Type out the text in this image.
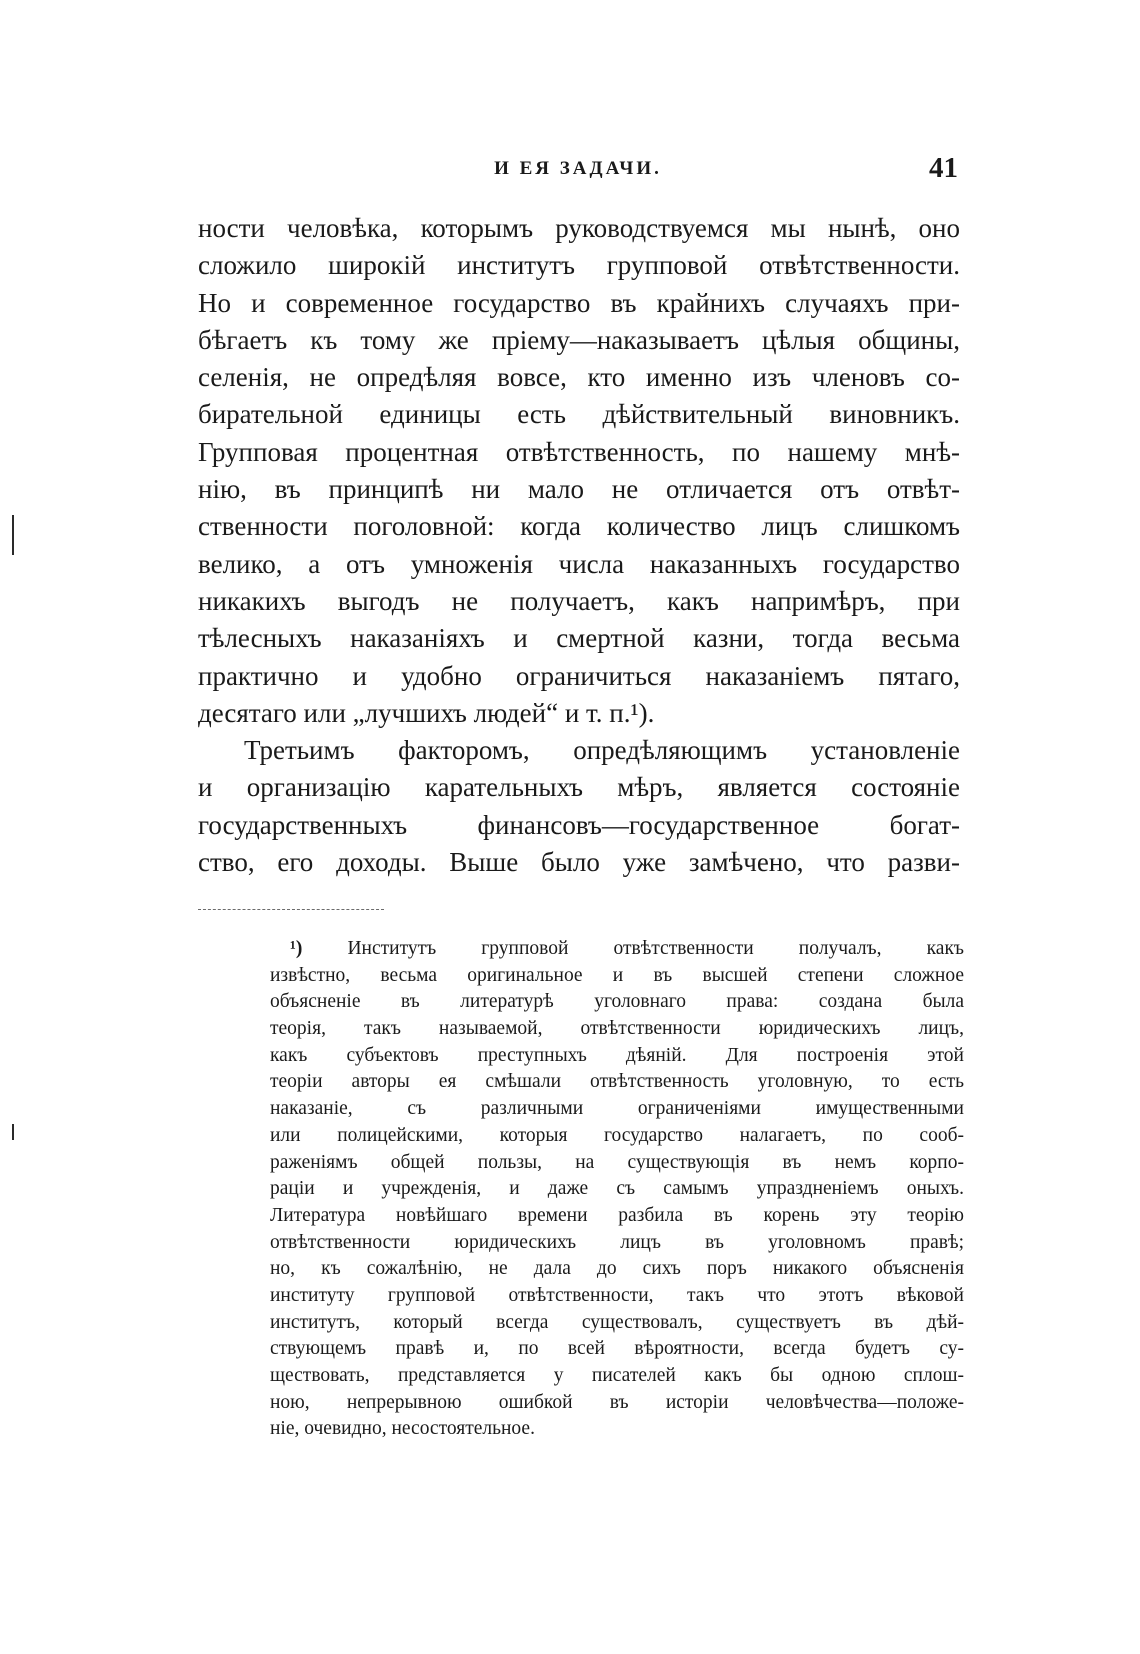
И ЕЯ ЗАДАЧИ.	41
ности человѣка, которымъ руководствуемся мы нынѣ, оно
сложило широкій институтъ групповой отвѣтственности.
Но и современное государство въ крайнихъ случаяхъ при-
бѣгаетъ къ тому же пріему—наказываетъ цѣлыя общины,
селенія, не опредѣляя вовсе, кто именно изъ членовъ со-
бирательной единицы есть дѣйствительный виновникъ.
Групповая процентная отвѣтственность, по нашему мнѣ-
нію, въ принципѣ ни мало не отличается отъ отвѣт-
ственности поголовной: когда количество лицъ слишкомъ
велико, а отъ умноженія числа наказанныхъ государство
никакихъ выгодъ не получаетъ, какъ напримѣръ, при
тѣлесныхъ наказаніяхъ и смертной казни, тогда весьма
практично и удобно ограничиться наказаніемъ пятаго,
десятаго или „лучшихъ людей“ и т. п.¹).
Третьимъ факторомъ, опредѣляющимъ установленіе
и организацію карательныхъ мѣръ, является состояніе
государственныхъ финансовъ—государственное богат-
ство, его доходы. Выше было уже замѣчено, что разви-
¹) Институтъ групповой отвѣтственности получалъ, какъ
извѣстно, весьма оригинальное и въ высшей степени сложное
объясненіе въ литературѣ уголовнаго права: создана была
теорія, такъ называемой, отвѣтственности юридическихъ лицъ,
какъ субъектовъ преступныхъ дѣяній. Для построенія этой
теоріи авторы ея смѣшали отвѣтственность уголовную, то есть
наказаніе, съ различными ограниченіями имущественными
или полицейскими, которыя государство налагаетъ, по сооб-
раженіямъ общей пользы, на существующія въ немъ корпо-
раціи и учрежденія, и даже съ самымъ упраздненіемъ оныхъ.
Литература новѣйшаго времени разбила въ корень эту теорію
отвѣтственности юридическихъ лицъ въ уголовномъ правѣ;
но, къ сожалѣнію, не дала до сихъ поръ никакого объясненія
институту групповой отвѣтственности, такъ что этотъ вѣковой
институтъ, который всегда существовалъ, существуетъ въ дѣй-
ствующемъ правѣ и, по всей вѣроятности, всегда будетъ су-
ществовать, представляется у писателей какъ бы одною сплош-
ною, непрерывною ошибкой въ исторіи человѣчества—положе-
ніе, очевидно, несостоятельное.
